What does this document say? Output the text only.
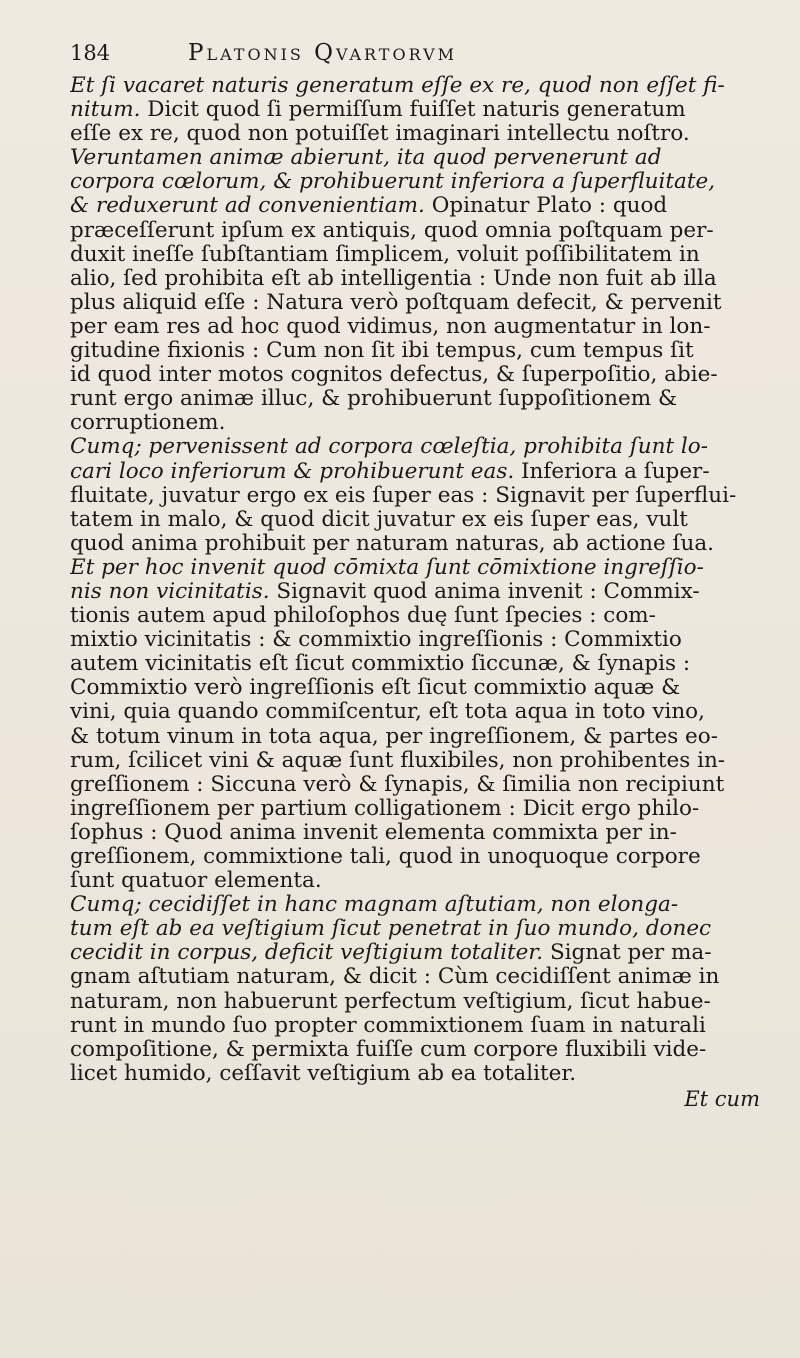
184	Platonis Qvartorvm
Et ſi vacaret naturis generatum eſſe ex re, quod non eſſet fi-
nitum. Dicit quod ſi permiſſum fuiſſet naturis generatum
eſſe ex re, quod non potuiſſet imaginari intellectu noſtro.
Veruntamen animæ abierunt, ita quod pervenerunt ad
corpora cœlorum, & prohibuerunt inferiora a ſuperfluitate,
& reduxerunt ad convenientiam. Opinatur Plato : quod
præceſſerunt ipſum ex antiquis, quod omnia poſtquam per-
duxit ineſſe ſubſtantiam ſimplicem, voluit poſſibilitatem in
alio, ſed prohibita eſt ab intelligentia : Unde non fuit ab illa
plus aliquid eſſe : Natura verò poſtquam defecit, & pervenit
per eam res ad hoc quod vidimus, non augmentatur in lon-
gitudine fixionis : Cum non ſit ibi tempus, cum tempus ſit
id quod inter motos cognitos defectus, & ſuperpoſitio, abie-
runt ergo animæ illuc, & prohibuerunt ſuppoſitionem &
corruptionem.
Cumq; pervenissent ad corpora cœleſtia, prohibita ſunt lo-
cari loco inferiorum & prohibuerunt eas. Inferiora a ſuper-
fluitate, juvatur ergo ex eis ſuper eas : Signavit per ſuperflui-
tatem in malo, & quod dicit juvatur ex eis ſuper eas, vult
quod anima prohibuit per naturam naturas, ab actione ſua.
Et per hoc invenit quod cōmixta ſunt cōmixtione ingreſſio-
nis non vicinitatis. Signavit quod anima invenit : Commix-
tionis autem apud philoſophos duę ſunt ſpecies : com-
mixtio vicinitatis : & commixtio ingreſſionis : Commixtio
autem vicinitatis eſt ſicut commixtio ſiccunæ, & ſynapis :
Commixtio verò ingreſſionis eſt ſicut commixtio aquæ &
vini, quia quando commiſcentur, eſt tota aqua in toto vino,
& totum vinum in tota aqua, per ingreſſionem, & partes eo-
rum, ſcilicet vini & aquæ ſunt fluxibiles, non prohibentes in-
greſſionem : Siccuna verò & ſynapis, & ſimilia non recipiunt
ingreſſionem per partium colligationem : Dicit ergo philo-
ſophus : Quod anima invenit elementa commixta per in-
greſſionem, commixtione tali, quod in unoquoque corpore
ſunt quatuor elementa.
Cumq; cecidiſſet in hanc magnam aſtutiam, non elonga-
tum eſt ab ea veſtigium ſicut penetrat in ſuo mundo, donec
cecidit in corpus, deficit veſtigium totaliter. Signat per ma-
gnam aſtutiam naturam, & dicit : Cùm cecidiſſent animæ in
naturam, non habuerunt perfectum veſtigium, ſicut habue-
runt in mundo ſuo propter commixtionem ſuam in naturali
compoſitione, & permixta fuiſſe cum corpore fluxibili vide-
licet humido, ceſſavit veſtigium ab ea totaliter.
Et cum
